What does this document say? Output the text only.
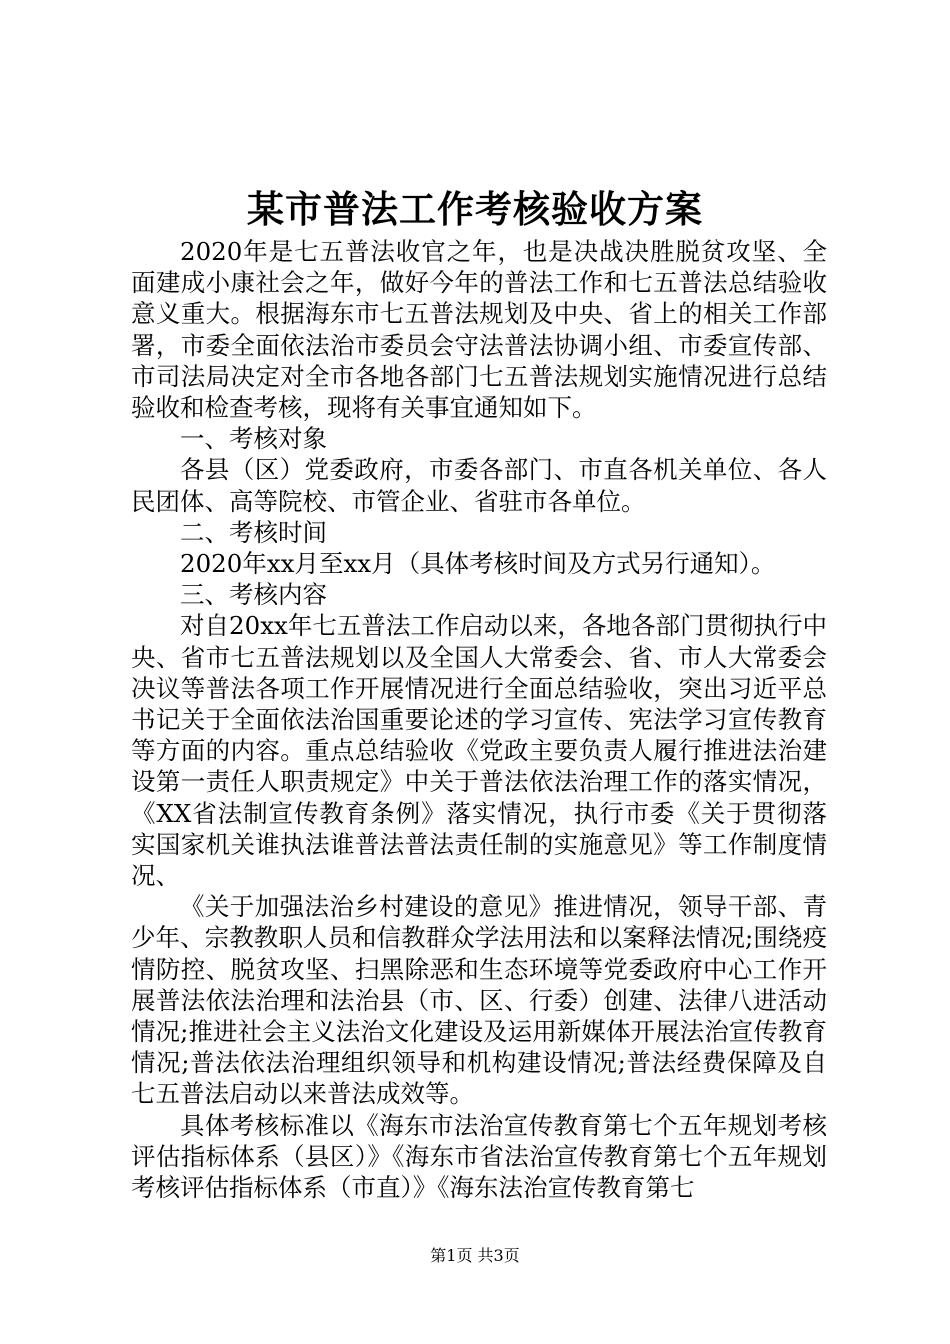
某市普法工作考核验收方案

2020年是七五普法收官之年，也是决战决胜脱贫攻坚、全面建成小康社会之年，做好今年的普法工作和七五普法总结验收意义重大。根据海东市七五普法规划及中央、省上的相关工作部署，市委全面依法治市委员会守法普法协调小组、市委宣传部、市司法局决定对全市各地各部门七五普法规划实施情况进行总结验收和检查考核，现将有关事宜通知如下。

一、考核对象

各县（区）党委政府，市委各部门、市直各机关单位、各人民团体、高等院校、市管企业、省驻市各单位。

二、考核时间

2020年xx月至xx月（具体考核时间及方式另行通知）。

三、考核内容

对自20xx年七五普法工作启动以来，各地各部门贯彻执行中央、省市七五普法规划以及全国人大常委会、省、市人大常委会决议等普法各项工作开展情况进行全面总结验收，突出习近平总书记关于全面依法治国重要论述的学习宣传、宪法学习宣传教育等方面的内容。重点总结验收《党政主要负责人履行推进法治建设第一责任人职责规定》中关于普法依法治理工作的落实情况，《XX省法制宣传教育条例》落实情况，执行市委《关于贯彻落实国家机关谁执法谁普法普法责任制的实施意见》等工作制度情况、

《关于加强法治乡村建设的意见》推进情况，领导干部、青少年、宗教教职人员和信教群众学法用法和以案释法情况;围绕疫情防控、脱贫攻坚、扫黑除恶和生态环境等党委政府中心工作开展普法依法治理和法治县（市、区、行委）创建、法律八进活动情况;推进社会主义法治文化建设及运用新媒体开展法治宣传教育情况;普法依法治理组织领导和机构建设情况;普法经费保障及自七五普法启动以来普法成效等。

具体考核标准以《海东市法治宣传教育第七个五年规划考核评估指标体系（县区）》《海东市省法治宣传教育第七个五年规划考核评估指标体系（市直）》《海东法治宣传教育第七

第1页 共3页
